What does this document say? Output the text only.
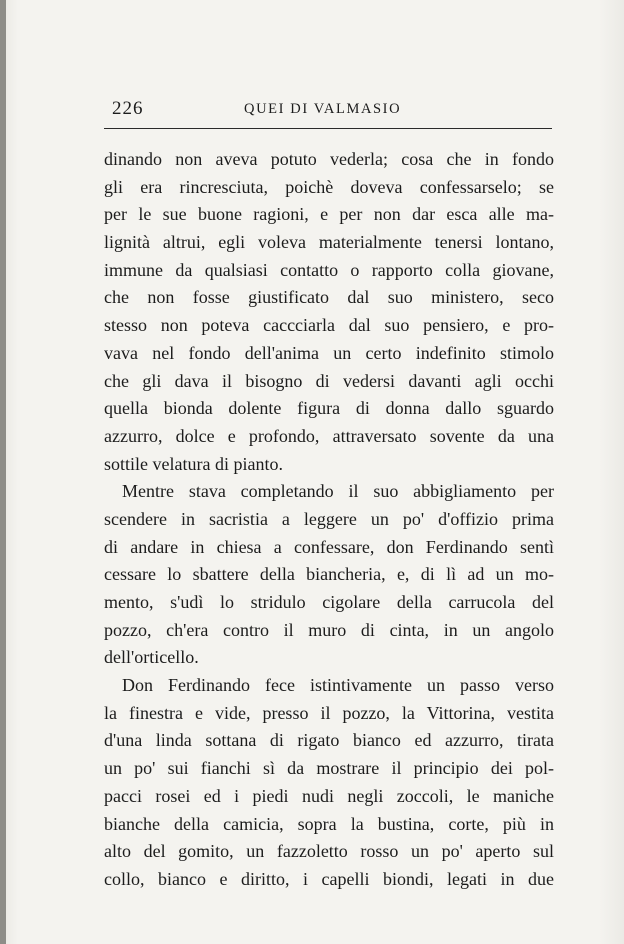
226	QUEI DI VALMASIO
dinando non aveva potuto vederla; cosa che in fondo
gli era rincresciuta, poichè doveva confessarselo; se
per le sue buone ragioni, e per non dar esca alle ma-
lignità altrui, egli voleva materialmente tenersi lontano,
immune da qualsiasi contatto o rapporto colla giovane,
che non fosse giustificato dal suo ministero, seco
stesso non poteva caccciarla dal suo pensiero, e pro-
vava nel fondo dell'anima un certo indefinito stimolo
che gli dava il bisogno di vedersi davanti agli occhi
quella bionda dolente figura di donna dallo sguardo
azzurro, dolce e profondo, attraversato sovente da una
sottile velatura di pianto.
Mentre stava completando il suo abbigliamento per
scendere in sacristia a leggere un po' d'offizio prima
di andare in chiesa a confessare, don Ferdinando sentì
cessare lo sbattere della biancheria, e, di lì ad un mo-
mento, s'udì lo stridulo cigolare della carrucola del
pozzo, ch'era contro il muro di cinta, in un angolo
dell'orticello.
Don Ferdinando fece istintivamente un passo verso
la finestra e vide, presso il pozzo, la Vittorina, vestita
d'una linda sottana di rigato bianco ed azzurro, tirata
un po' sui fianchi sì da mostrare il principio dei pol-
pacci rosei ed i piedi nudi negli zoccoli, le maniche
bianche della camicia, sopra la bustina, corte, più in
alto del gomito, un fazzoletto rosso un po' aperto sul
collo, bianco e diritto, i capelli biondi, legati in due
